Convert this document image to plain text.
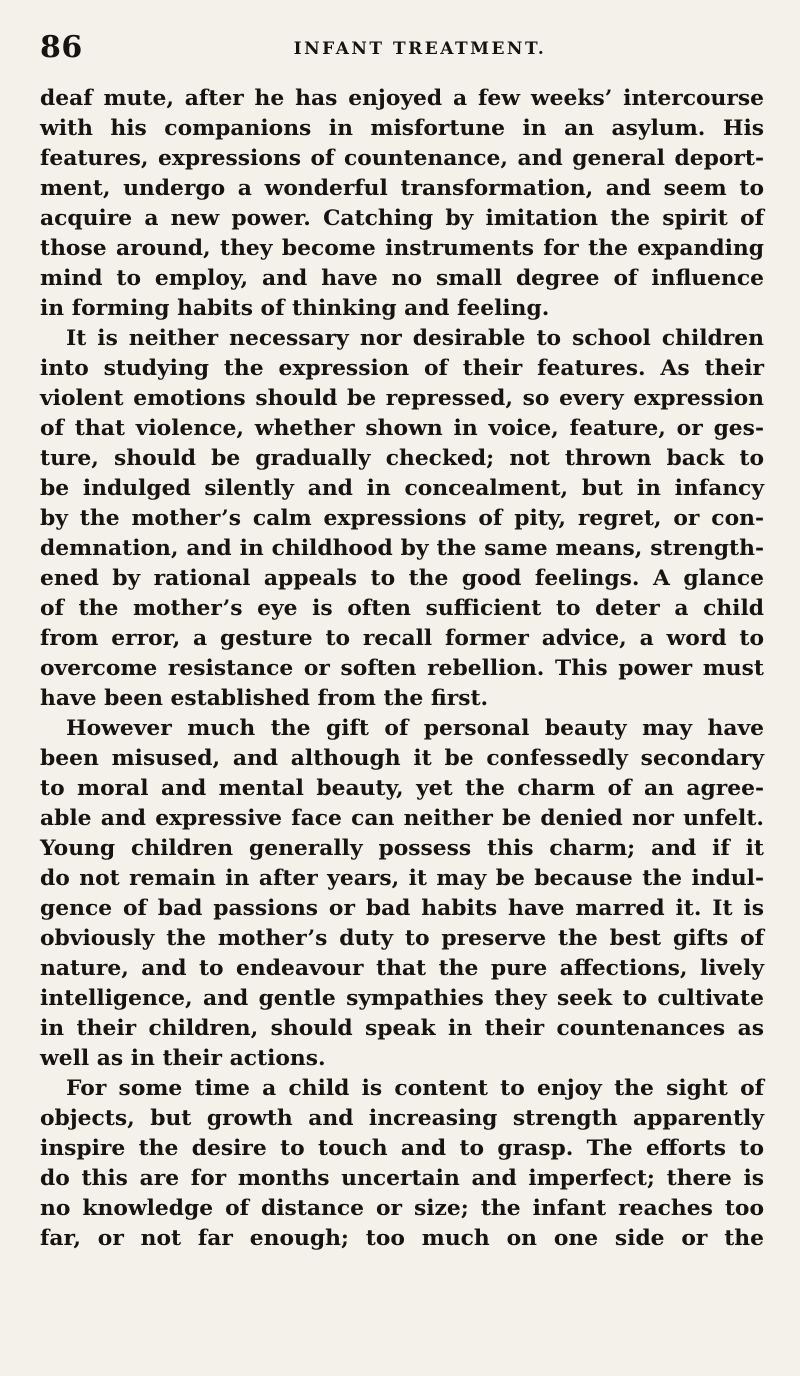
86	INFANT TREATMENT.
deaf mute, after he has enjoyed a few weeks’ intercourse
with his companions in misfortune in an asylum. His
features, expressions of countenance, and general deport-
ment, undergo a wonderful transformation, and seem to
acquire a new power. Catching by imitation the spirit of
those around, they become instruments for the expanding
mind to employ, and have no small degree of influence
in forming habits of thinking and feeling.
It is neither necessary nor desirable to school children
into studying the expression of their features. As their
violent emotions should be repressed, so every expression
of that violence, whether shown in voice, feature, or ges-
ture, should be gradually checked; not thrown back to
be indulged silently and in concealment, but in infancy
by the mother’s calm expressions of pity, regret, or con-
demnation, and in childhood by the same means, strength-
ened by rational appeals to the good feelings. A glance
of the mother’s eye is often sufficient to deter a child
from error, a gesture to recall former advice, a word to
overcome resistance or soften rebellion. This power must
have been established from the first.
However much the gift of personal beauty may have
been misused, and although it be confessedly secondary
to moral and mental beauty, yet the charm of an agree-
able and expressive face can neither be denied nor unfelt.
Young children generally possess this charm; and if it
do not remain in after years, it may be because the indul-
gence of bad passions or bad habits have marred it. It is
obviously the mother’s duty to preserve the best gifts of
nature, and to endeavour that the pure affections, lively
intelligence, and gentle sympathies they seek to cultivate
in their children, should speak in their countenances as
well as in their actions.
For some time a child is content to enjoy the sight of
objects, but growth and increasing strength apparently
inspire the desire to touch and to grasp. The efforts to
do this are for months uncertain and imperfect; there is
no knowledge of distance or size; the infant reaches too
far, or not far enough; too much on one side or the
